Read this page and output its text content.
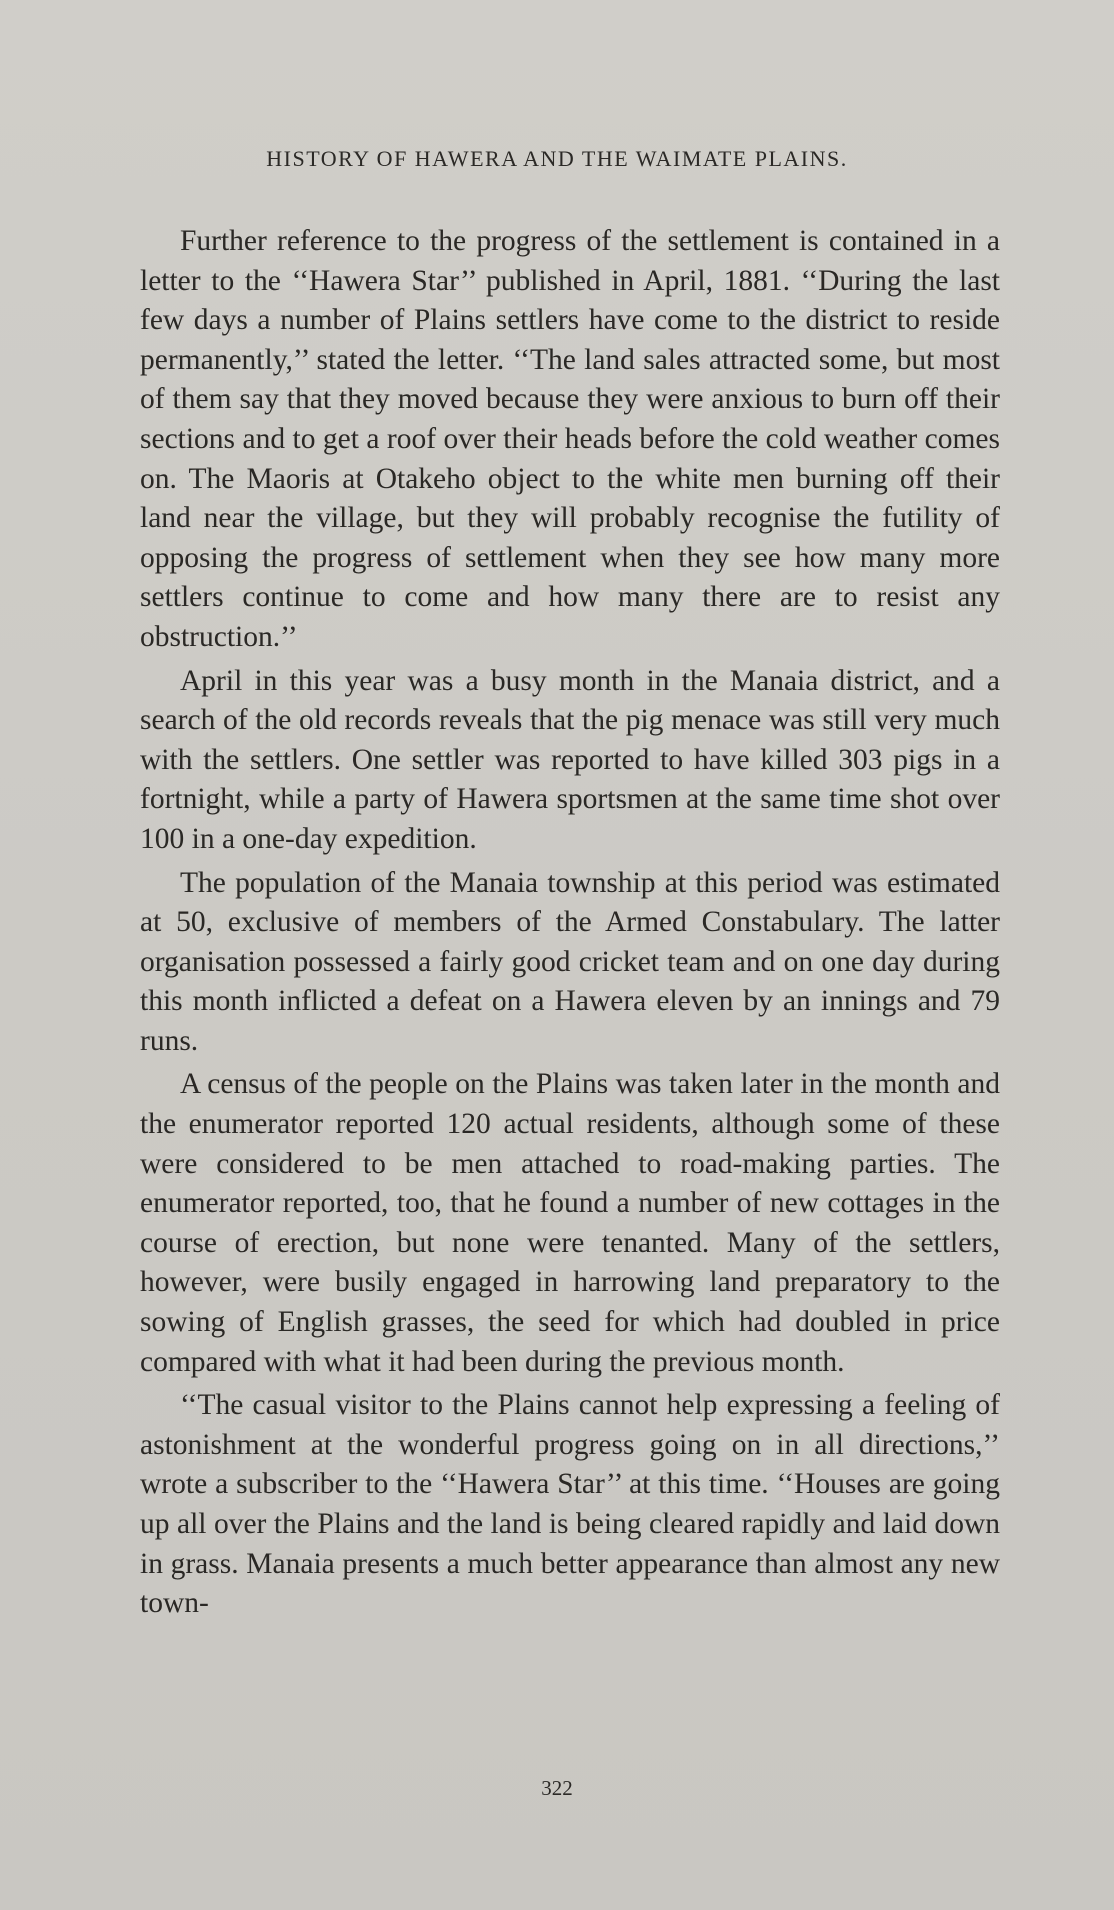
HISTORY OF HAWERA AND THE WAIMATE PLAINS.

Further reference to the progress of the settlement is contained in a letter to the ‘‘Hawera Star’’ published in April, 1881. ‘‘During the last few days a number of Plains settlers have come to the district to reside permanently,’’ stated the letter. ‘‘The land sales attracted some, but most of them say that they moved because they were anxious to burn off their sections and to get a roof over their heads before the cold weather comes on. The Maoris at Otakeho object to the white men burning off their land near the village, but they will probably recognise the futility of opposing the progress of settlement when they see how many more settlers continue to come and how many there are to resist any obstruction.’’

April in this year was a busy month in the Manaia district, and a search of the old records reveals that the pig menace was still very much with the settlers. One settler was reported to have killed 303 pigs in a fortnight, while a party of Hawera sportsmen at the same time shot over 100 in a one-day expedition.

The population of the Manaia township at this period was estimated at 50, exclusive of members of the Armed Constabulary. The latter organisation possessed a fairly good cricket team and on one day during this month inflicted a defeat on a Hawera eleven by an innings and 79 runs.

A census of the people on the Plains was taken later in the month and the enumerator reported 120 actual residents, although some of these were considered to be men attached to road-making parties. The enumerator reported, too, that he found a number of new cottages in the course of erection, but none were tenanted. Many of the settlers, however, were busily engaged in harrowing land preparatory to the sowing of English grasses, the seed for which had doubled in price compared with what it had been during the previous month.

‘‘The casual visitor to the Plains cannot help expressing a feeling of astonishment at the wonderful progress going on in all directions,’’ wrote a subscriber to the ‘‘Hawera Star’’ at this time. ‘‘Houses are going up all over the Plains and the land is being cleared rapidly and laid down in grass. Manaia presents a much better appearance than almost any new town-

322
